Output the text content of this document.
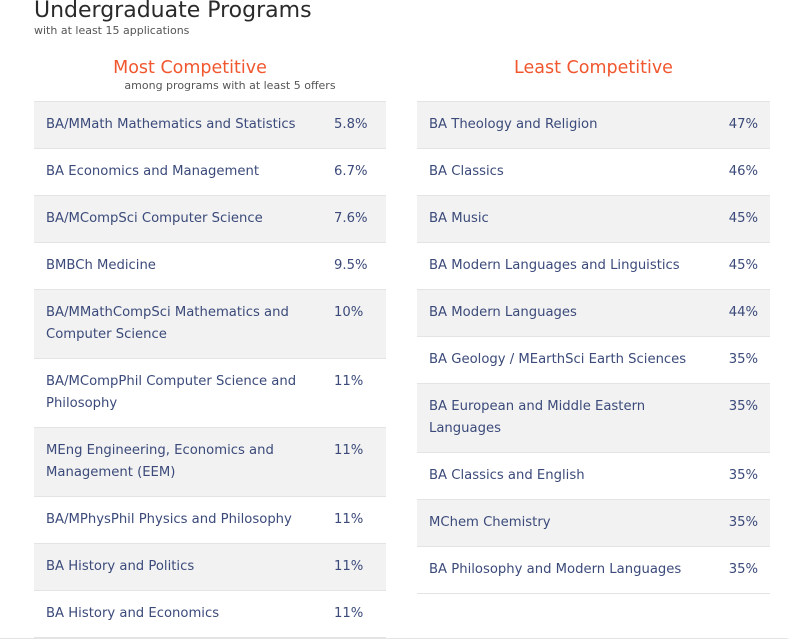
Undergraduate Programs
with at least 15 applications
Most Competitive
among programs with at least 5 offers
BA/MMath Mathematics and Statistics	5.8%
BA Economics and Management	6.7%
BA/MCompSci Computer Science	7.6%
BMBCh Medicine	9.5%
BA/MMathCompSci Mathematics and Computer Science
10%
BA/MCompPhil Computer Science and Philosophy
11%
MEng Engineering, Economics and Management (EEM)
11%
BA/MPhysPhil Physics and Philosophy	11%
BA History and Politics	11%
BA History and Economics	11%
Least Competitive
BA Theology and Religion	47%
BA Classics	46%
BA Music	45%
BA Modern Languages and Linguistics	45%
BA Modern Languages	44%
BA Geology / MEarthSci Earth Sciences	35%
BA European and Middle Eastern Languages
35%
BA Classics and English	35%
MChem Chemistry	35%
BA Philosophy and Modern Languages	35%
